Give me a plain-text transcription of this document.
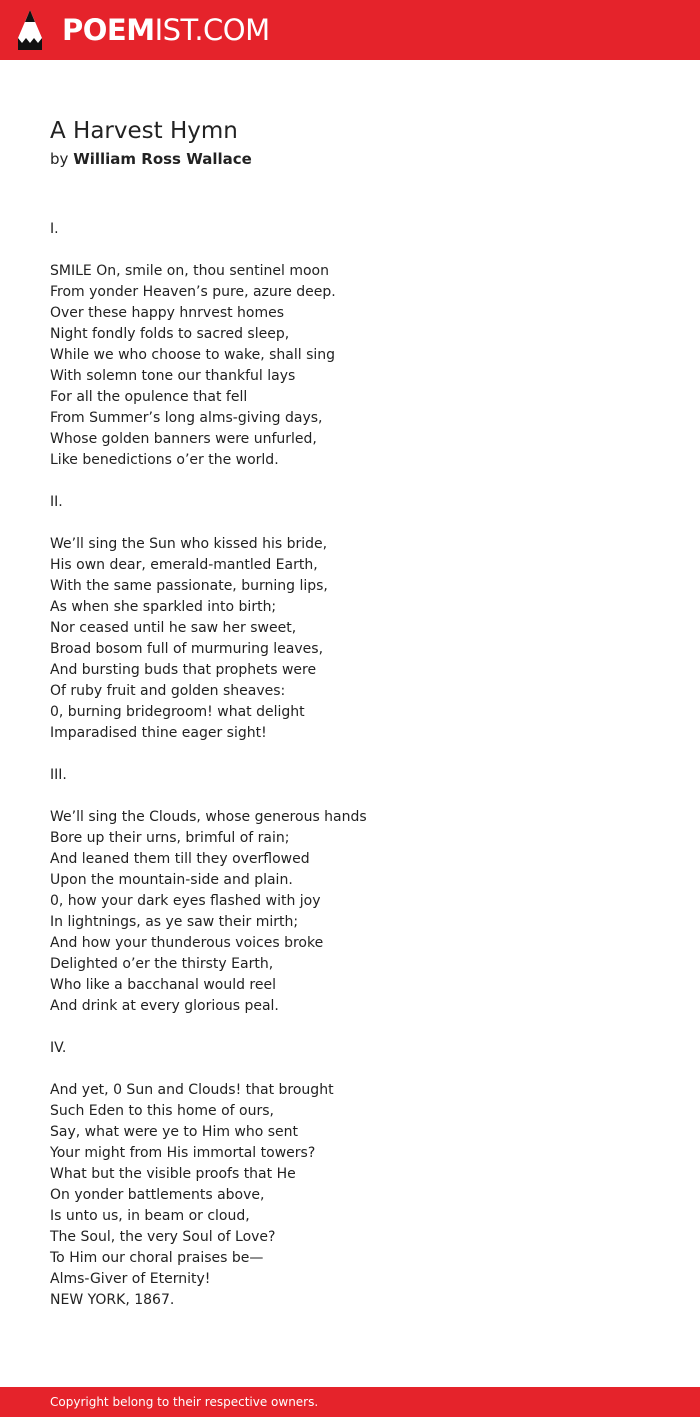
POEMIST.COM
A Harvest Hymn
by William Ross Wallace
I.
SMILE On, smile on, thou sentinel moon
From yonder Heaven’s pure, azure deep.
Over these happy hnrvest homes
Night fondly folds to sacred sleep,
While we who choose to wake, shall sing
With solemn tone our thankful lays
For all the opulence that fell
From Summer’s long alms-giving days,
Whose golden banners were unfurled,
Like benedictions o’er the world.
II.
We’ll sing the Sun who kissed his bride,
His own dear, emerald-mantled Earth,
With the same passionate, burning lips,
As when she sparkled into birth;
Nor ceased until he saw her sweet,
Broad bosom full of murmuring leaves,
And bursting buds that prophets were
Of ruby fruit and golden sheaves:
0, burning bridegroom! what delight
Imparadised thine eager sight!
III.
We’ll sing the Clouds, whose generous hands
Bore up their urns, brimful of rain;
And leaned them till they overflowed
Upon the mountain-side and plain.
0, how your dark eyes flashed with joy
In lightnings, as ye saw their mirth;
And how your thunderous voices broke
Delighted o’er the thirsty Earth,
Who like a bacchanal would reel
And drink at every glorious peal.
IV.
And yet, 0 Sun and Clouds! that brought
Such Eden to this home of ours,
Say, what were ye to Him who sent
Your might from His immortal towers?
What but the visible proofs that He
On yonder battlements above,
Is unto us, in beam or cloud,
The Soul, the very Soul of Love?
To Him our choral praises be—
Alms-Giver of Eternity!
NEW YORK, 1867.
Copyright belong to their respective owners.
